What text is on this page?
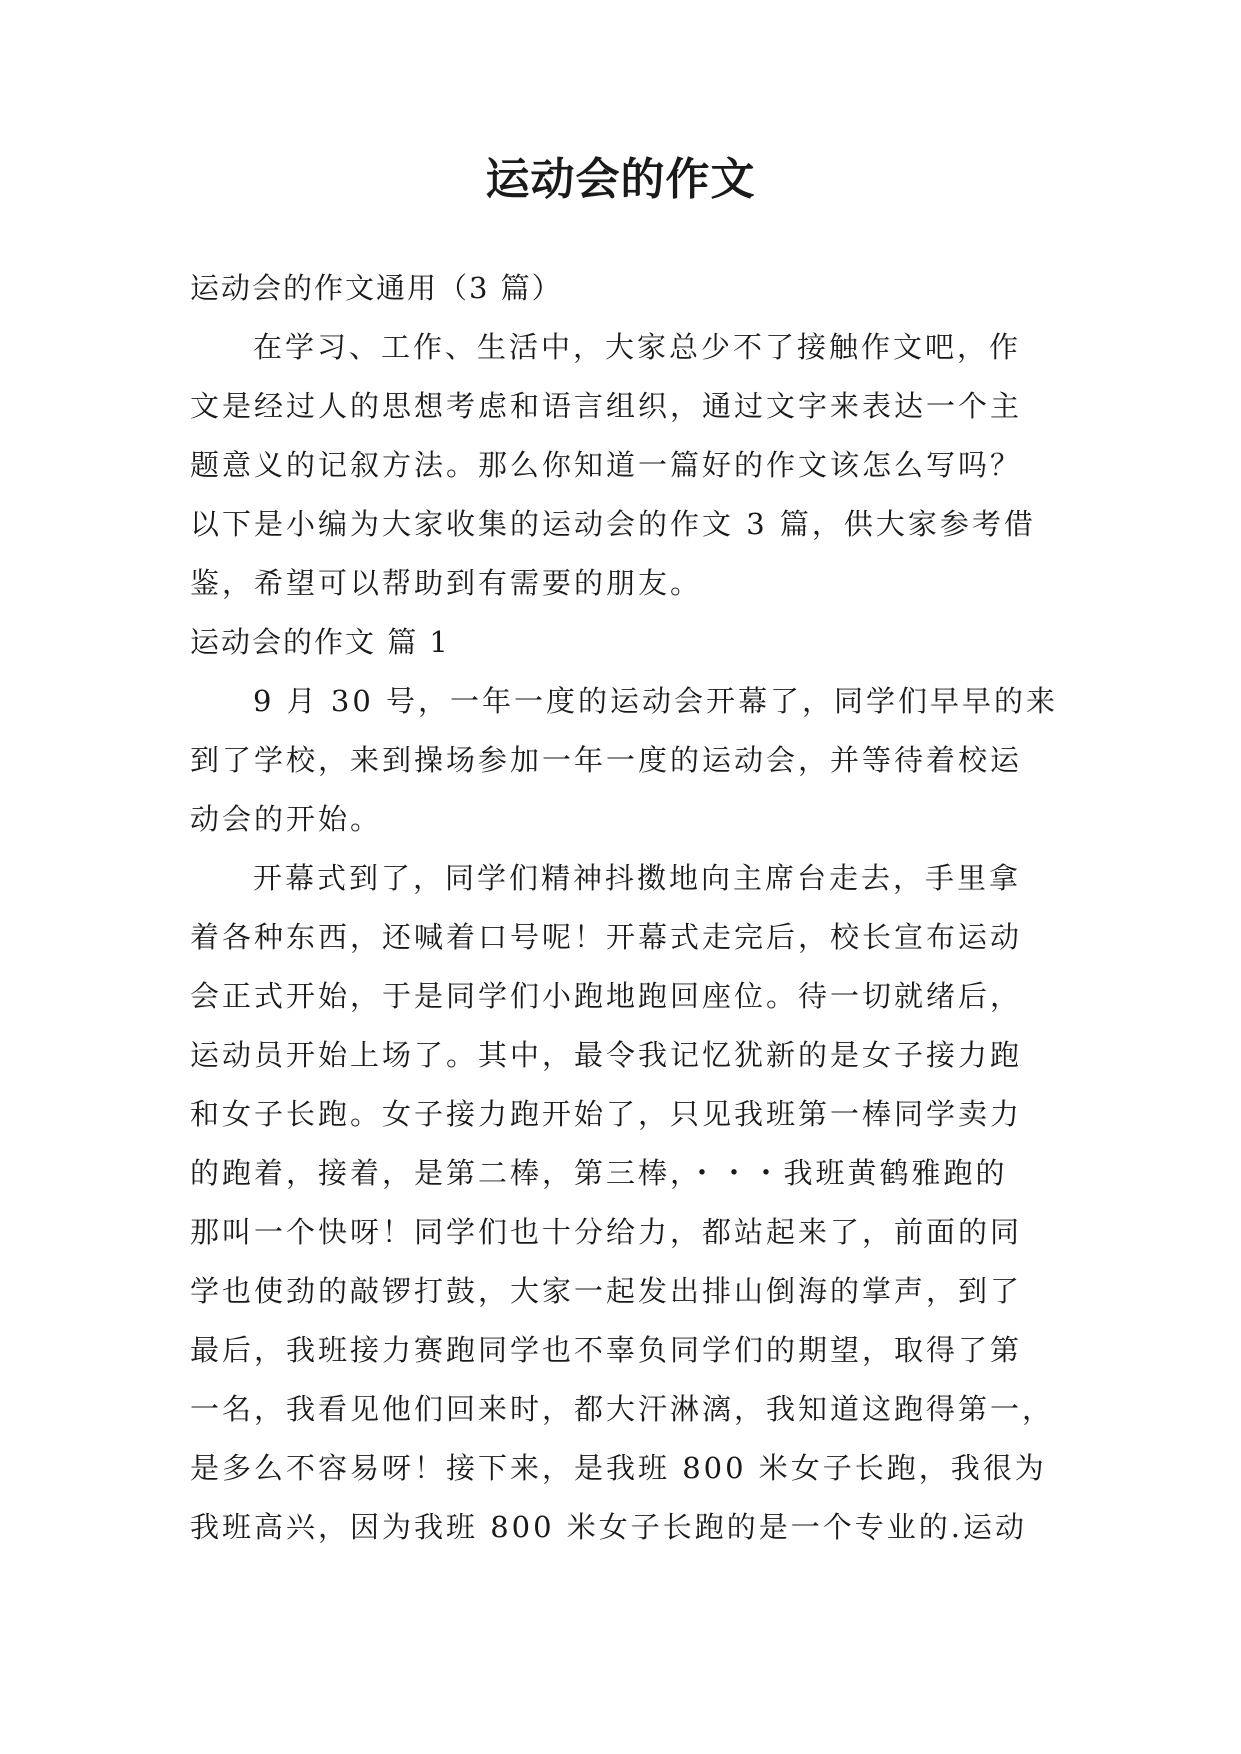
运动会的作文
运动会的作文通用（3 篇）
在学习、工作、生活中，大家总少不了接触作文吧，作
文是经过人的思想考虑和语言组织，通过文字来表达一个主
题意义的记叙方法。那么你知道一篇好的作文该怎么写吗？
以下是小编为大家收集的运动会的作文 3 篇，供大家参考借
鉴，希望可以帮助到有需要的朋友。
运动会的作文 篇 1
9 月 30 号，一年一度的运动会开幕了，同学们早早的来
到了学校，来到操场参加一年一度的运动会，并等待着校运
动会的开始。
开幕式到了，同学们精神抖擞地向主席台走去，手里拿
着各种东西，还喊着口号呢！开幕式走完后，校长宣布运动
会正式开始，于是同学们小跑地跑回座位。待一切就绪后，
运动员开始上场了。其中，最令我记忆犹新的是女子接力跑
和女子长跑。女子接力跑开始了，只见我班第一棒同学卖力
的跑着，接着，是第二棒，第三棒，・・・我班黄鹤雅跑的
那叫一个快呀！同学们也十分给力，都站起来了，前面的同
学也使劲的敲锣打鼓，大家一起发出排山倒海的掌声，到了
最后，我班接力赛跑同学也不辜负同学们的期望，取得了第
一名，我看见他们回来时，都大汗淋漓，我知道这跑得第一，
是多么不容易呀！接下来，是我班 800 米女子长跑，我很为
我班高兴，因为我班 800 米女子长跑的是一个专业的.运动
